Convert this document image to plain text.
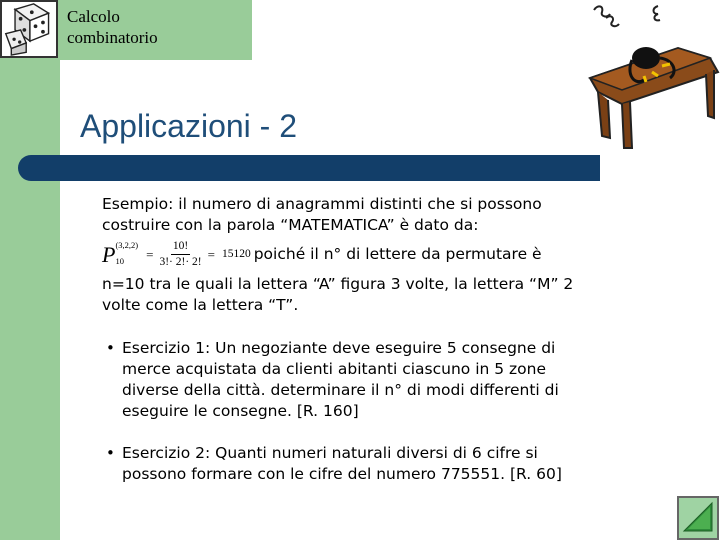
Calcolo
combinatorio
Applicazioni - 2

Esempio: il numero di anagrammi distinti che si possono

costruire con la parola “MATEMATICA” è dato da:

P (3,2,2)
10	= $\frac{10!}{3!\cdot 2!\cdot 2!} = 15120$ poiché il n° di lettere da permutare è

n=10 tra le quali la lettera “A” figura 3 volte, la lettera “M” 2

volte come la lettera “T”.

• Esercizio 1: Un negoziante deve eseguire 5 consegne di merce acquistata da clienti abitanti ciascuno in 5 zone diverse della città. determinare il n° di modi differenti di eseguire le consegne. [R. 160]
• Esercizio 2: Quanti numeri naturali diversi di 6 cifre si possono formare con le cifre del numero 775551. [R. 60]
